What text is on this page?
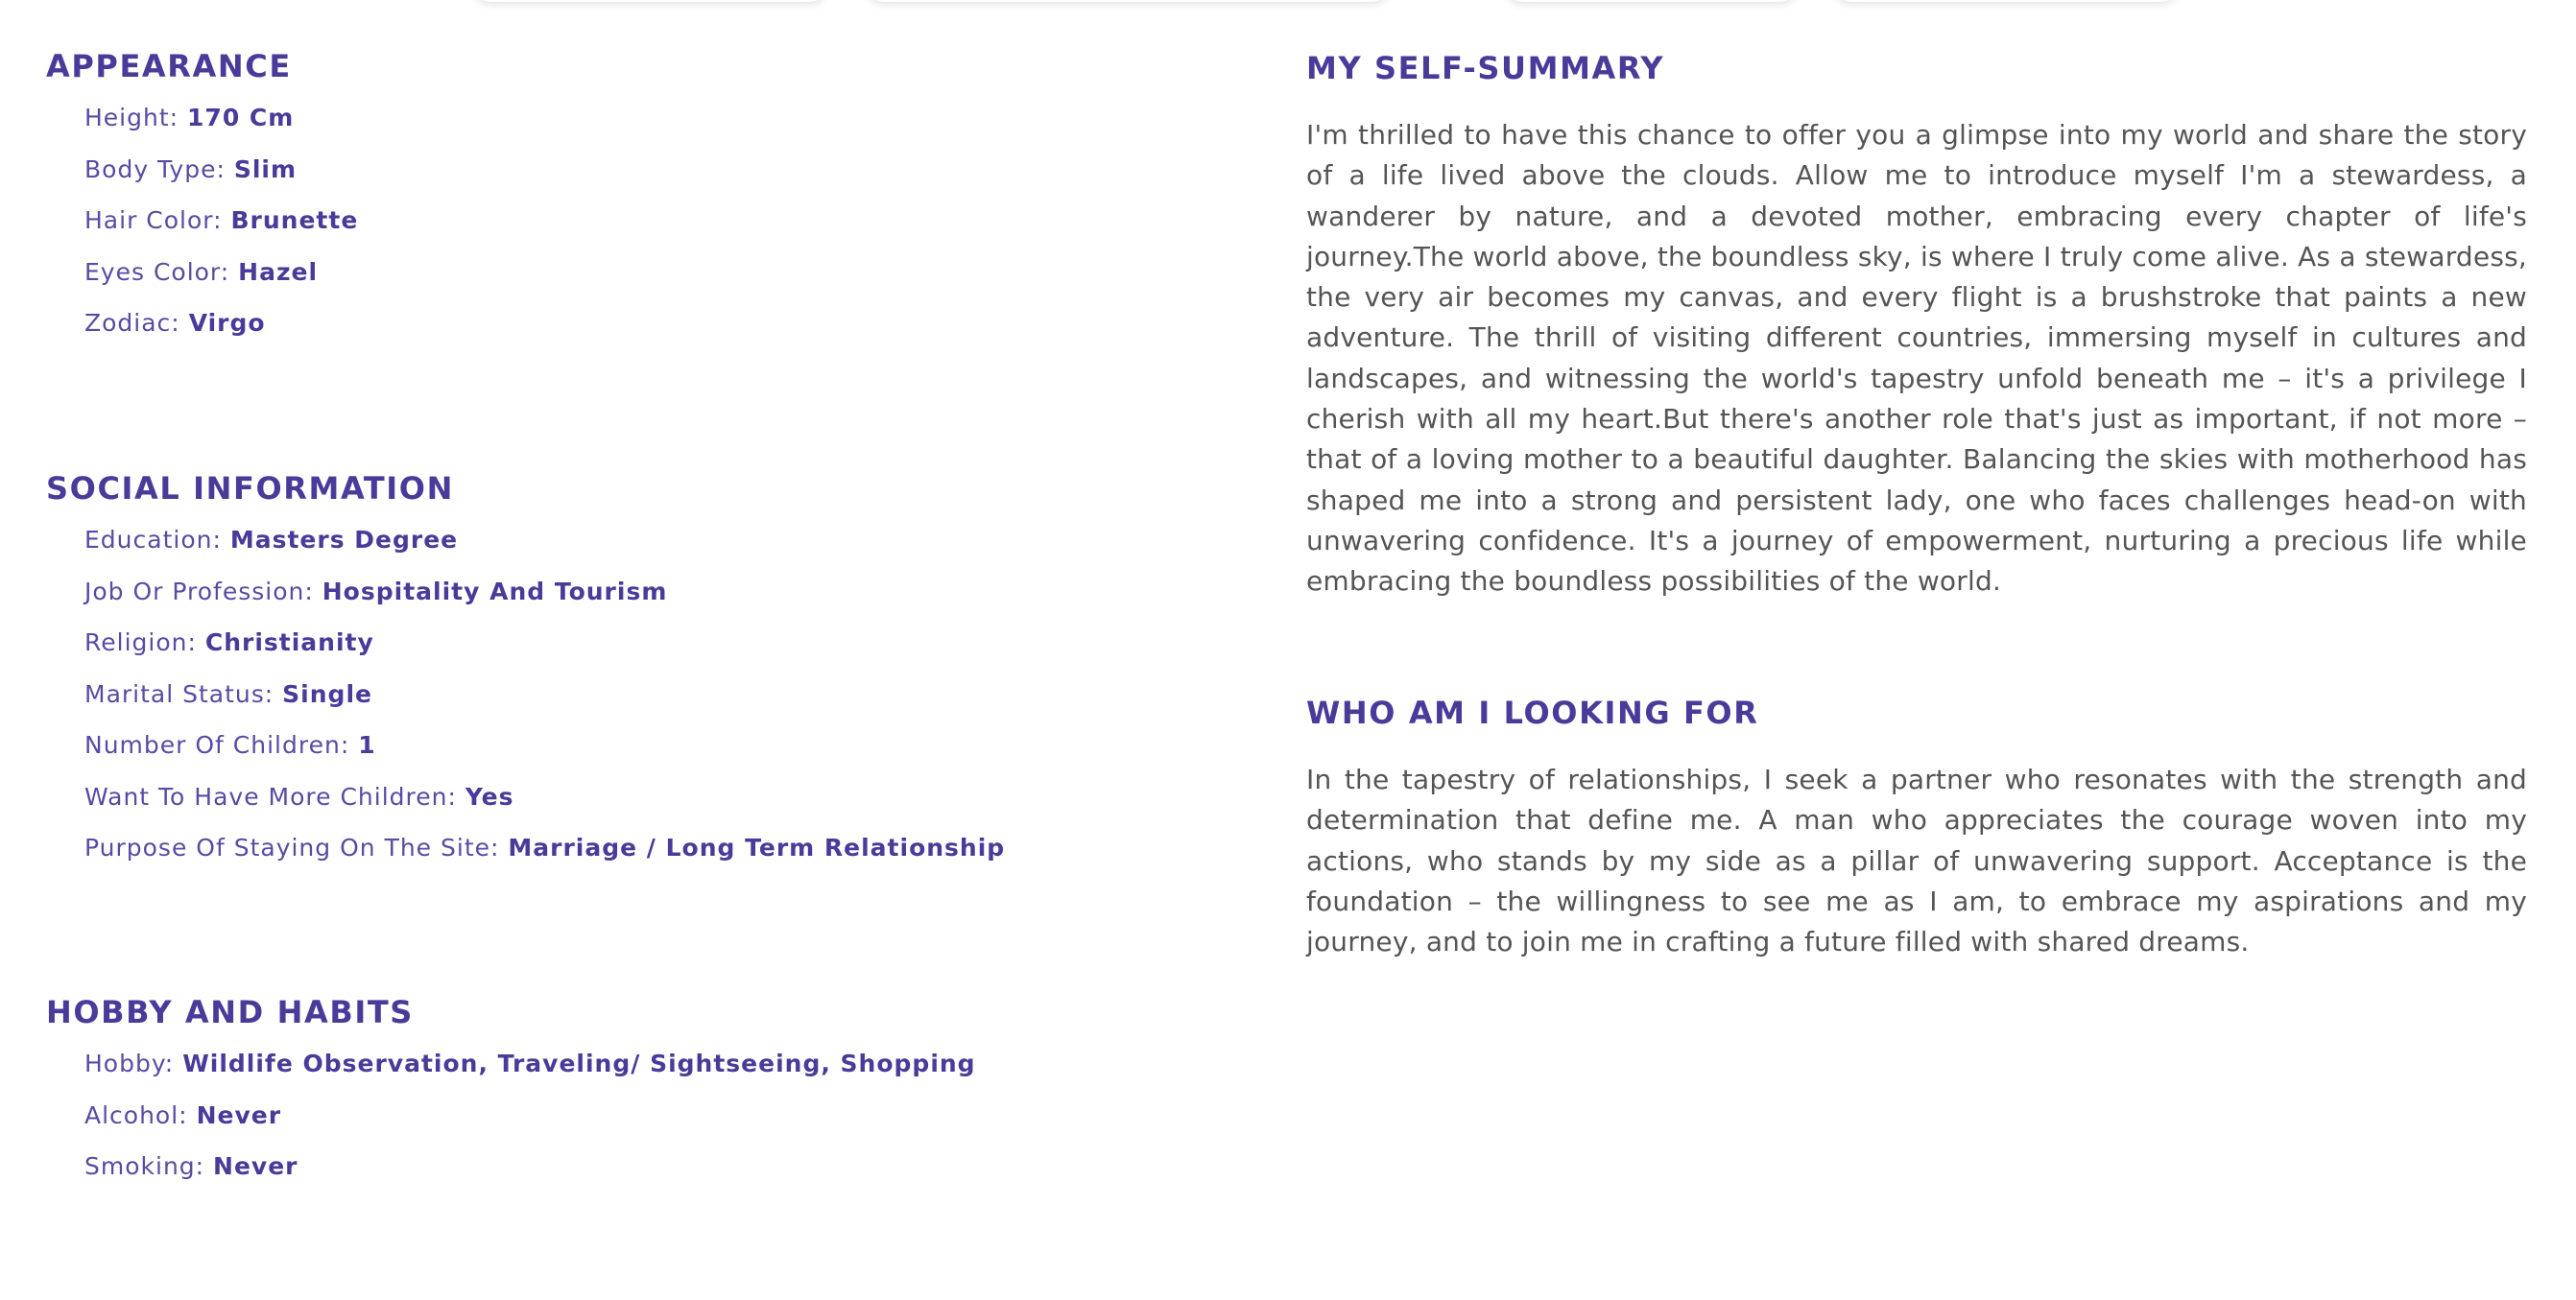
APPEARANCE
Height: 170 Cm
Body Type: Slim
Hair Color: Brunette
Eyes Color: Hazel
Zodiac: Virgo
SOCIAL INFORMATION
Education: Masters Degree
Job Or Profession: Hospitality And Tourism
Religion: Christianity
Marital Status: Single
Number Of Children: 1
Want To Have More Children: Yes
Purpose Of Staying On The Site: Marriage / Long Term Relationship
HOBBY AND HABITS
Hobby: Wildlife Observation, Traveling/ Sightseeing, Shopping
Alcohol: Never
Smoking: Never
MY SELF-SUMMARY

I'm thrilled to have this chance to offer you a glimpse into my world and share the story of a life lived above the clouds. Allow me to introduce myself I'm a stewardess, a wanderer by nature, and a devoted mother, embracing every chapter of life's journey.The world above, the boundless sky, is where I truly come alive. As a stewardess, the very air becomes my canvas, and every flight is a brushstroke that paints a new adventure. The thrill of visiting different countries, immersing myself in cultures and landscapes, and witnessing the world's tapestry unfold beneath me – it's a privilege I cherish with all my heart.But there's another role that's just as important, if not more – that of a loving mother to a beautiful daughter. Balancing the skies with motherhood has shaped me into a strong and persistent lady, one who faces challenges head-on with unwavering confidence. It's a journey of empowerment, nurturing a precious life while embracing the boundless possibilities of the world.

WHO AM I LOOKING FOR

In the tapestry of relationships, I seek a partner who resonates with the strength and determination that define me. A man who appreciates the courage woven into my actions, who stands by my side as a pillar of unwavering support. Acceptance is the foundation – the willingness to see me as I am, to embrace my aspirations and my journey, and to join me in crafting a future filled with shared dreams.
